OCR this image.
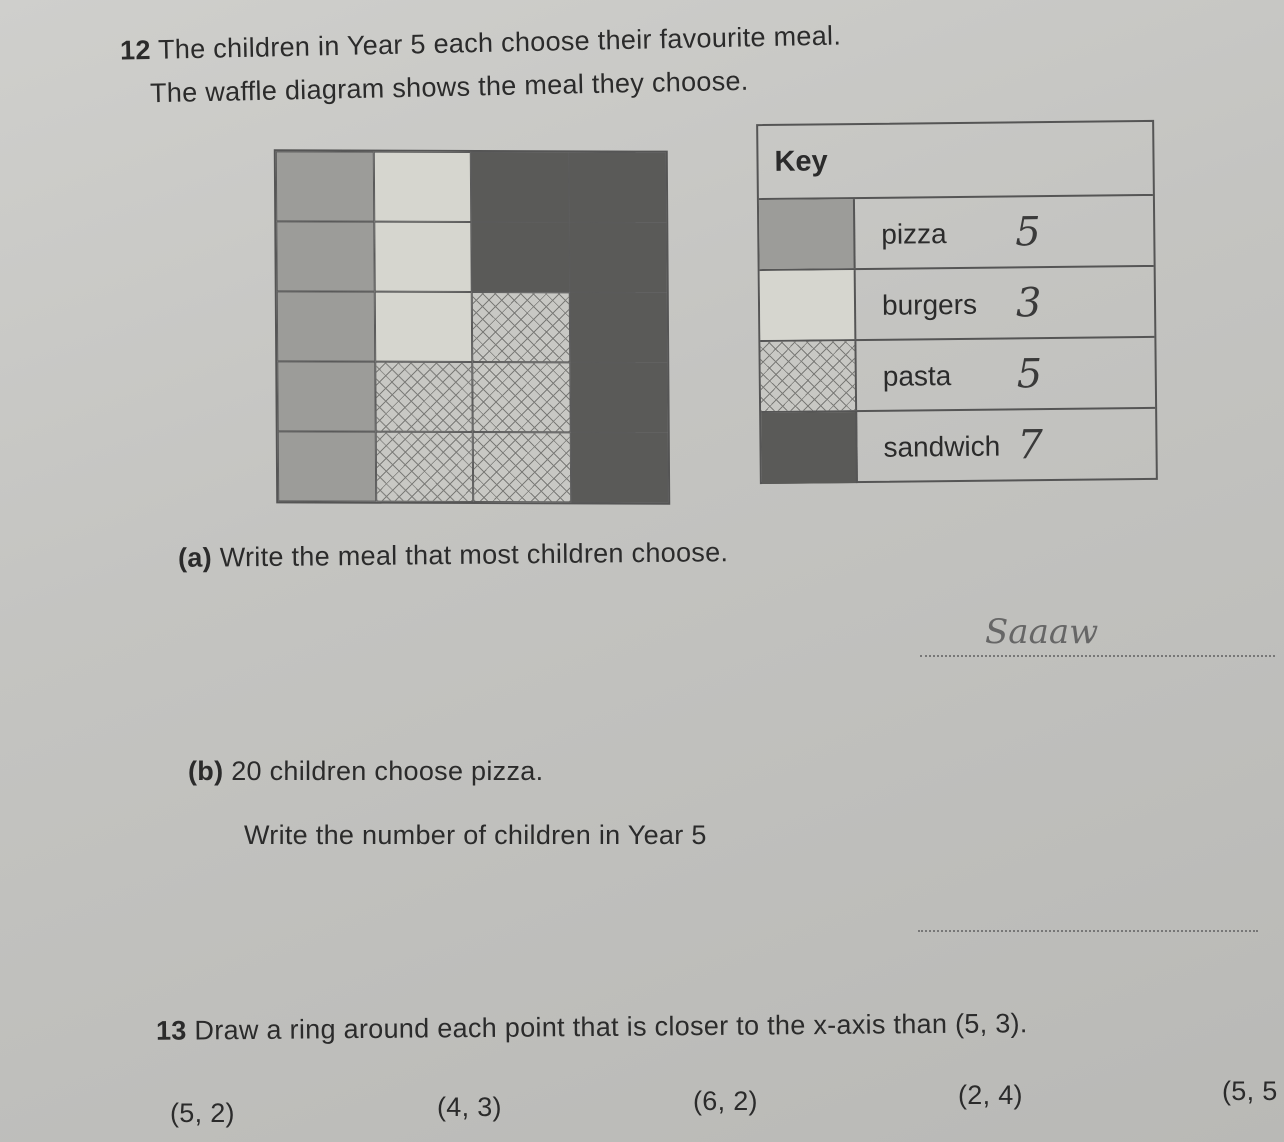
12 The children in Year 5 each choose their favourite meal.
The waffle diagram shows the meal they choose.
Key
pizza 5
burgers 3
pasta 5
sandwich 7
(a) Write the meal that most children choose.
Saaaw
(b) 20 children choose pizza.
Write the number of children in Year 5
13 Draw a ring around each point that is closer to the x-axis than (5, 3).
(5, 2)	(4, 3)	(6, 2)	(2, 4)	(5, 5
